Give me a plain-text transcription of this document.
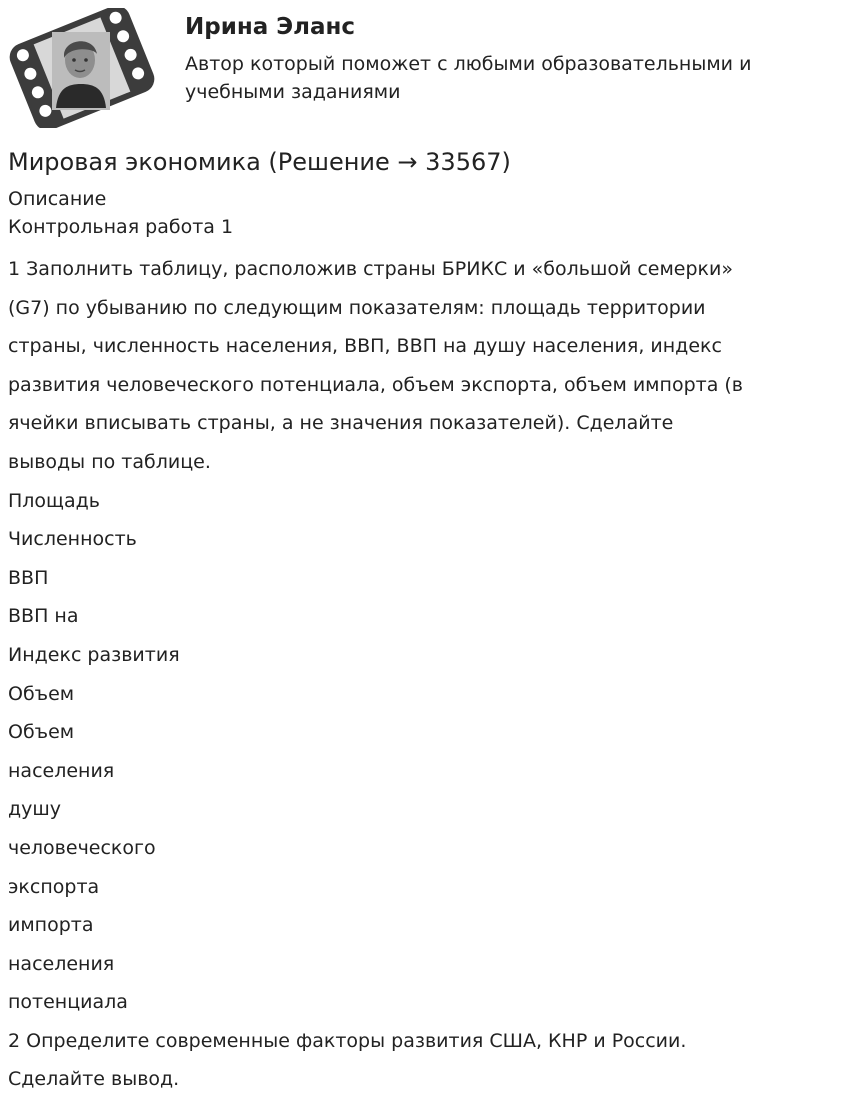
Ирина Эланс
Автор который поможет с любыми образовательными и учебными заданиями
Мировая экономика (Решение → 33567)
Описание
Контрольная работа 1
1 Заполнить таблицу, расположив страны БРИКС и «большой семерки»
(G7) по убыванию по следующим показателям: площадь территории
страны, численность населения, ВВП, ВВП на душу населения, индекс
развития человеческого потенциала, объем экспорта, объем импорта (в
ячейки вписывать страны, а не значения показателей). Сделайте
выводы по таблице.
Площадь
Численность
ВВП
ВВП на
Индекс развития
Объем
Объем
населения
душу
человеческого
экспорта
импорта
населения
потенциала
2 Определите современные факторы развития США, КНР и России.
Сделайте вывод.
